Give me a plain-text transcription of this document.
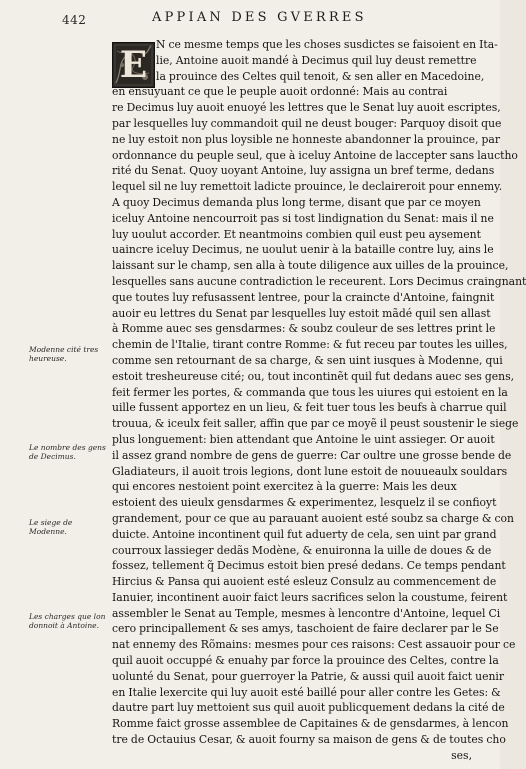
442	APPIAN DES GVERRES
E N ce mesme temps que les choses susdictes se faisoient en Ita-
lie, Antoine auoit mandé à Decimus quil luy deust remettre
la prouince des Celtes quil tenoit, & sen aller en Macedoine,
en ensuyuant ce que le peuple auoit ordonné: Mais au contrai
re Decimus luy auoit enuoyé les lettres que le Senat luy auoit escriptes,
par lesquelles luy commandoit quil ne deust bouger: Parquoy disoit que
ne luy estoit non plus loysible ne honneste abandonner la prouince, par
ordonnance du peuple seul, que à iceluy Antoine de laccepter sans lauctho
rité du Senat. Quoy uoyant Antoine, luy assigna un bref terme, dedans
lequel sil ne luy remettoit ladicte prouince, le declaireroit pour ennemy.
A quoy Decimus demanda plus long terme, disant que par ce moyen
iceluy Antoine nencourroit pas si tost lindignation du Senat: mais il ne
luy uoulut accorder. Et neantmoins combien quil eust peu aysement
uaincre iceluy Decimus, ne uoulut uenir à la bataille contre luy, ains le
laissant sur le champ, sen alla à toute diligence aux uilles de la prouince,
lesquelles sans aucune contradiction le receurent. Lors Decimus craingnant
que toutes luy refusassent lentree, pour la craincte d'Antoine, faingnit
auoir eu lettres du Senat par lesquelles luy estoit mãdé quil sen allast
à Romme auec ses gensdarmes: & soubz couleur de ses lettres print le
chemin de l'Italie, tirant contre Romme: & fut receu par toutes les uilles,
comme sen retournant de sa charge, & sen uint iusques à Modenne, qui
estoit tresheureuse cité; ou, tout incontinẽt quil fut dedans auec ses gens,
feit fermer les portes, & commanda que tous les uiures qui estoient en la
uille fussent apportez en un lieu, & feit tuer tous les beufs à charrue quil
trouua, & iceulx feit saller, affin que par ce moyẽ il peust soustenir le siege
plus longuement: bien attendant que Antoine le uint assieger. Or auoit
il assez grand nombre de gens de guerre: Car oultre une grosse bende de
Gladiateurs, il auoit trois legions, dont lune estoit de nouueaulx souldars
qui encores nestoient point exercitez à la guerre: Mais les deux
estoient des uieulx gensdarmes & experimentez, lesquelz il se confioyt
grandement, pour ce que au parauant auoient esté soubz sa charge & con
duicte. Antoine incontinent quil fut aduerty de cela, sen uint par grand
courroux lassieger dedãs Modène, & enuironna la uille de doues & de
fossez, tellement q̃ Decimus estoit bien presé dedans. Ce temps pendant
Hircius & Pansa qui auoient esté esleuz Consulz au commencement de
Ianuier, incontinent auoir faict leurs sacrifices selon la coustume, feirent
assembler le Senat au Temple, mesmes à lencontre d'Antoine, lequel Ci
cero principallement & ses amys, taschoient de faire declarer par le Se
nat ennemy des Rõmains: mesmes pour ces raisons: Cest assauoir pour ce
quil auoit occuppé & enuahy par force la prouince des Celtes, contre la
uolunté du Senat, pour guerroyer la Patrie, & aussi quil auoit faict uenir
en Italie lexercite qui luy auoit esté baillé pour aller contre les Getes: &
dautre part luy mettoient sus quil auoit publicquement dedans la cité de
Romme faict grosse assemblee de Capitaines & de gensdarmes, à lencon
tre de Octauius Cesar, & auoit fourny sa maison de gens & de toutes cho
ses,
Modenne cité tres heureuse.
Le nombre des gens de Decimus.
Le siege de Modenne.
Les charges que lon donnoit à Antoine.
